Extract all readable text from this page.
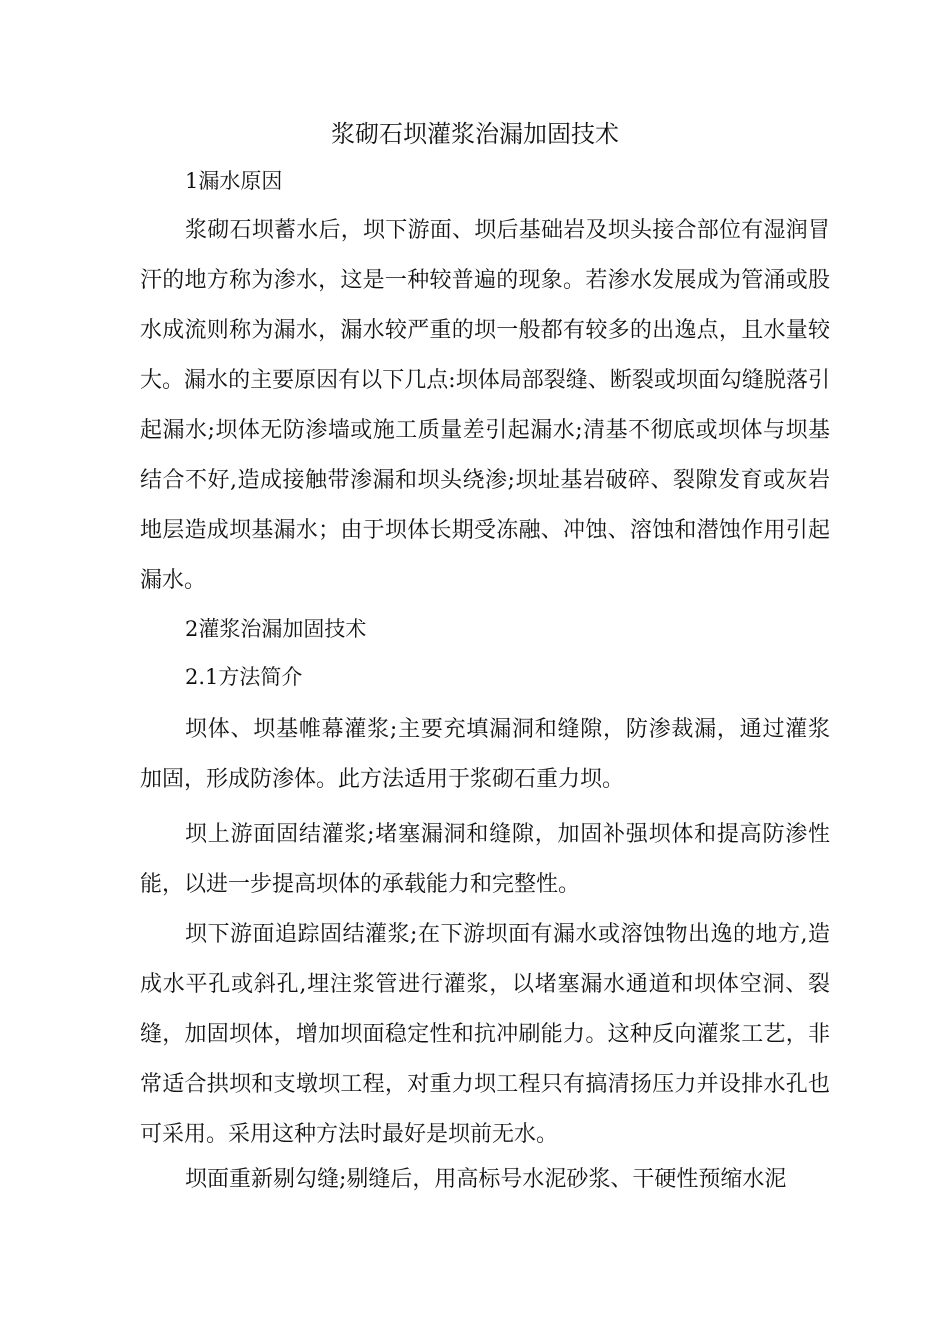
浆砌石坝灌浆治漏加固技术
1漏水原因

浆砌石坝蓄水后，坝下游面、坝后基础岩及坝头接合部位有湿润冒汗的地方称为渗水，这是一种较普遍的现象。若渗水发展成为管涌或股水成流则称为漏水，漏水较严重的坝一般都有较多的出逸点，且水量较大。漏水的主要原因有以下几点:坝体局部裂缝、断裂或坝面勾缝脱落引起漏水;坝体无防渗墙或施工质量差引起漏水;清基不彻底或坝体与坝基结合不好,造成接触带渗漏和坝头绕渗;坝址基岩破碎、裂隙发育或灰岩地层造成坝基漏水；由于坝体长期受冻融、冲蚀、溶蚀和潜蚀作用引起漏水。

2灌浆治漏加固技术
2.1方法简介

坝体、坝基帷幕灌浆;主要充填漏洞和缝隙，防渗裁漏，通过灌浆加固，形成防渗体。此方法适用于浆砌石重力坝。

坝上游面固结灌浆;堵塞漏洞和缝隙，加固补强坝体和提高防渗性能，以进一步提高坝体的承载能力和完整性。

坝下游面追踪固结灌浆;在下游坝面有漏水或溶蚀物出逸的地方,造成水平孔或斜孔,埋注浆管进行灌浆，以堵塞漏水通道和坝体空洞、裂缝，加固坝体，增加坝面稳定性和抗冲刷能力。这种反向灌浆工艺，非常适合拱坝和支墩坝工程，对重力坝工程只有搞清扬压力并设排水孔也可采用。采用这种方法时最好是坝前无水。

坝面重新剔勾缝;剔缝后，用高标号水泥砂浆、干硬性预缩水泥
